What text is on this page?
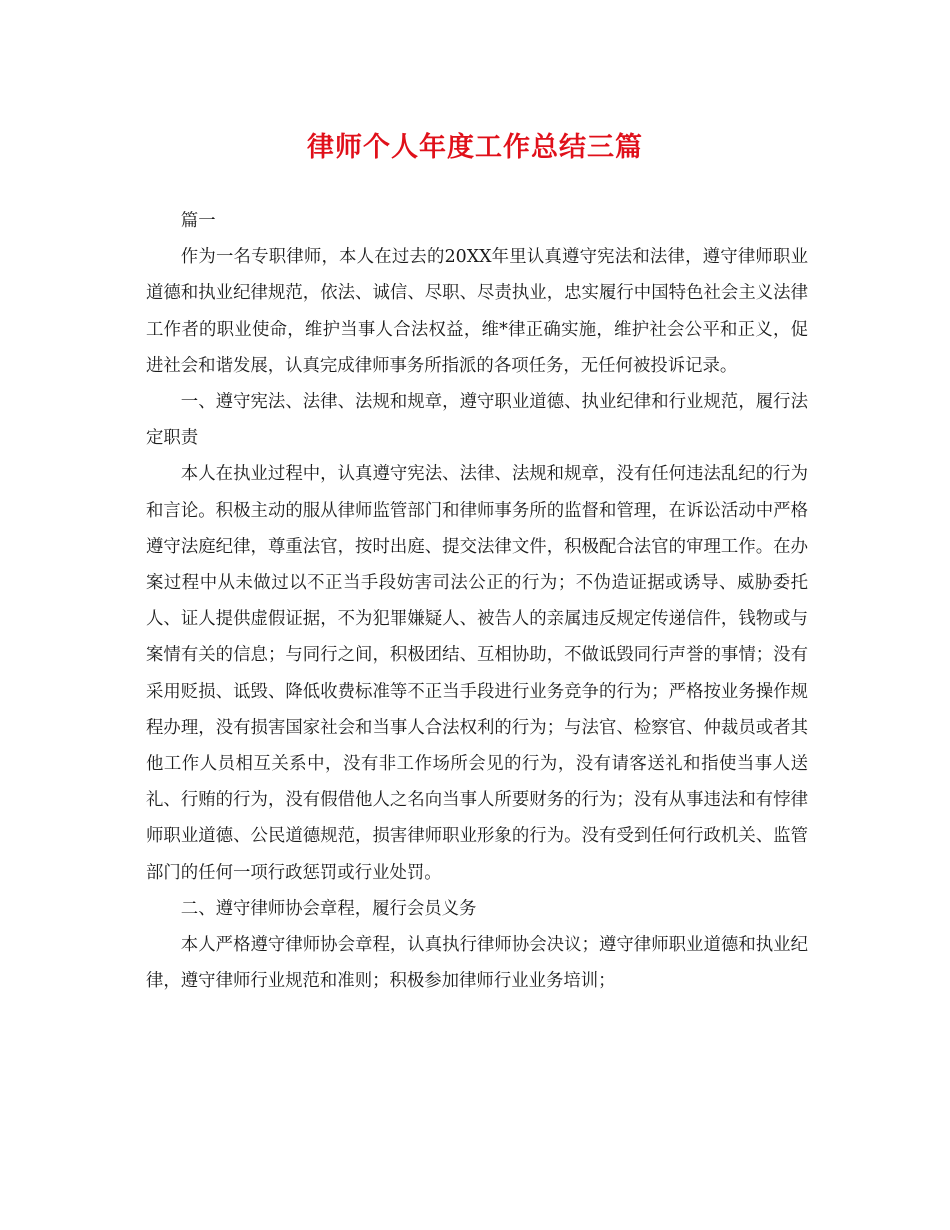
律师个人年度工作总结三篇

篇一

作为一名专职律师，本人在过去的20XX年里认真遵守宪法和法律，遵守律师职业道德和执业纪律规范，依法、诚信、尽职、尽责执业，忠实履行中国特色社会主义法律工作者的职业使命，维护当事人合法权益，维*律正确实施，维护社会公平和正义，促进社会和谐发展，认真完成律师事务所指派的各项任务，无任何被投诉记录。

一、遵守宪法、法律、法规和规章，遵守职业道德、执业纪律和行业规范，履行法定职责

本人在执业过程中，认真遵守宪法、法律、法规和规章，没有任何违法乱纪的行为和言论。积极主动的服从律师监管部门和律师事务所的监督和管理，在诉讼活动中严格遵守法庭纪律，尊重法官，按时出庭、提交法律文件，积极配合法官的审理工作。在办案过程中从未做过以不正当手段妨害司法公正的行为；不伪造证据或诱导、威胁委托人、证人提供虚假证据，不为犯罪嫌疑人、被告人的亲属违反规定传递信件，钱物或与案情有关的信息；与同行之间，积极团结、互相协助，不做诋毁同行声誉的事情；没有采用贬损、诋毁、降低收费标准等不正当手段进行业务竞争的行为；严格按业务操作规程办理，没有损害国家社会和当事人合法权利的行为；与法官、检察官、仲裁员或者其他工作人员相互关系中，没有非工作场所会见的行为，没有请客送礼和指使当事人送礼、行贿的行为，没有假借他人之名向当事人所要财务的行为；没有从事违法和有悖律师职业道德、公民道德规范，损害律师职业形象的行为。没有受到任何行政机关、监管部门的任何一项行政惩罚或行业处罚。

二、遵守律师协会章程，履行会员义务

本人严格遵守律师协会章程，认真执行律师协会决议；遵守律师职业道德和执业纪律，遵守律师行业规范和准则；积极参加律师行业业务培训；
